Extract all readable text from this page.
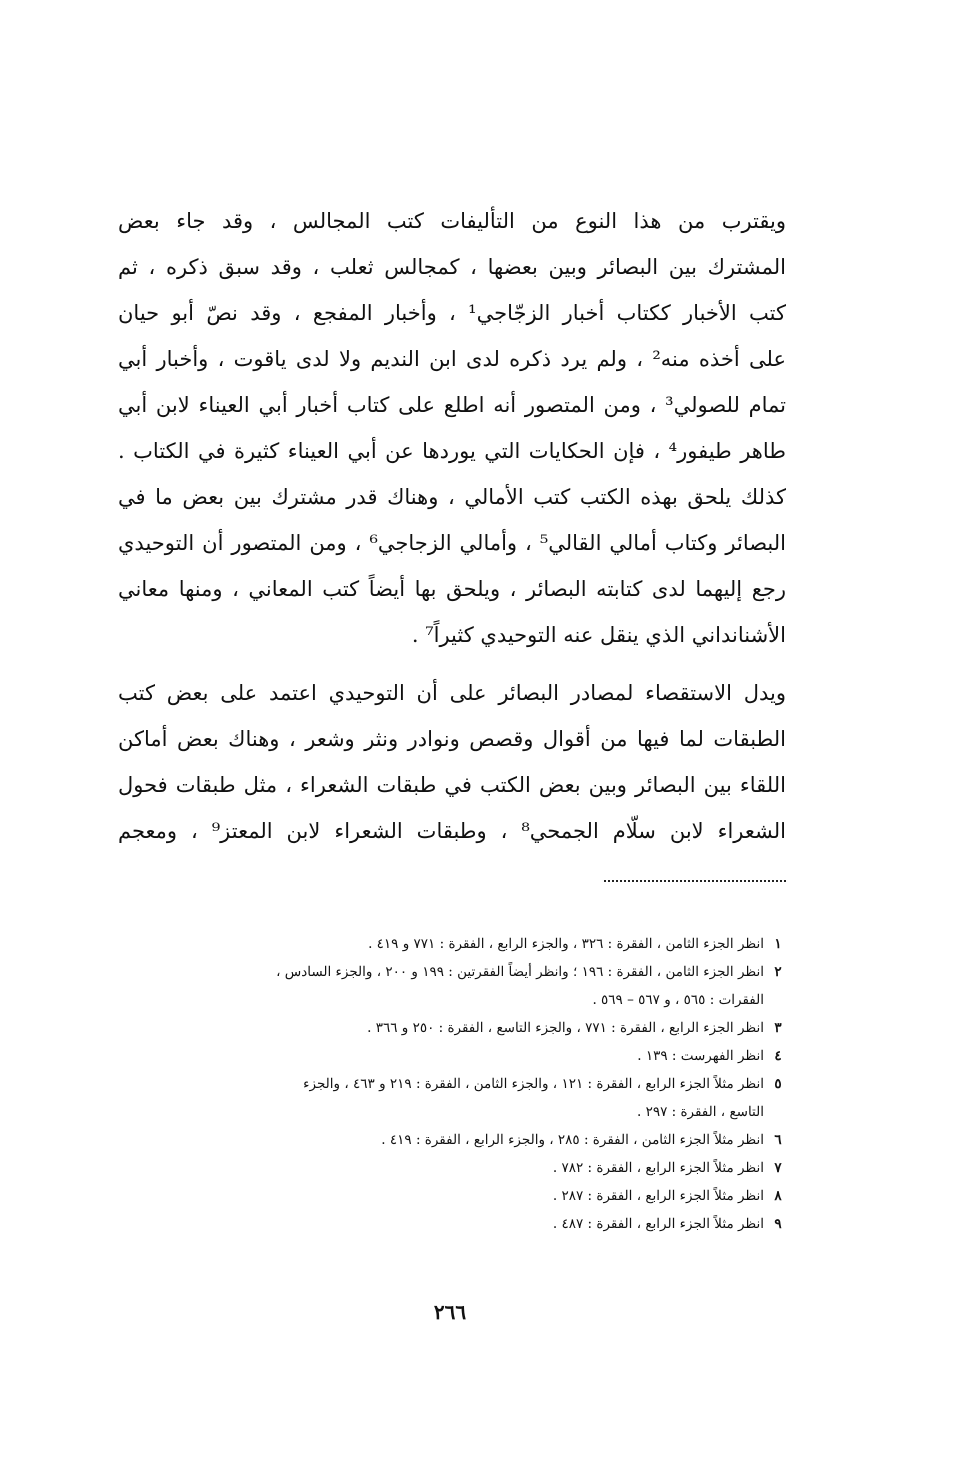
ويقترب من هذا النوع من التأليفات كتب المجالس ، وقد جاء بعض
المشترك بين البصائر وبين بعضها ، كمجالس ثعلب ، وقد سبق ذكره ، ثم
كتب الأخبار ككتاب أخبار الزجّاجي¹ ، وأخبار المفجع ، وقد نصّ أبو حيان
على أخذه منه² ، ولم يرد ذكره لدى ابن النديم ولا لدى ياقوت ، وأخبار أبي
تمام للصولي³ ، ومن المتصور أنه اطلع على كتاب أخبار أبي العيناء لابن أبي
طاهر طيفور⁴ ، فإن الحكايات التي يوردها عن أبي العيناء كثيرة في الكتاب .
كذلك يلحق بهذه الكتب كتب الأمالي ، وهناك قدر مشترك بين بعض ما في
البصائر وكتاب أمالي القالي⁵ ، وأمالي الزجاجي⁶ ، ومن المتصور أن التوحيدي
رجع إليهما لدى كتابته البصائر ، ويلحق بها أيضاً كتب المعاني ، ومنها معاني
الأشنانداني الذي ينقل عنه التوحيدي كثيراً⁷ .
ويدل الاستقصاء لمصادر البصائر على أن التوحيدي اعتمد على بعض كتب
الطبقات لما فيها من أقوال وقصص ونوادر ونثر وشعر ، وهناك بعض أماكن
اللقاء بين البصائر وبين بعض الكتب في طبقات الشعراء ، مثل طبقات فحول
الشعراء لابن سلّام الجمحي⁸ ، وطبقات الشعراء لابن المعتز⁹ ، ومعجم
١
انظر الجزء الثامن ، الفقرة : ٣٢٦ ، والجزء الرابع ، الفقرة : ٧٧١ و ٤١٩ .
٢
انظر الجزء الثامن ، الفقرة : ١٩٦ ؛ وانظر أيضاً الفقرتين : ١٩٩ و ٢٠٠ ، والجزء السادس ،
الفقرات : ٥٦٥ ، و ٥٦٧ – ٥٦٩ .
٣
انظر الجزء الرابع ، الفقرة : ٧٧١ ، والجزء التاسع ، الفقرة : ٢٥٠ و ٣٦٦ .
٤
انظر الفهرست : ١٣٩ .
٥
انظر مثلاً الجزء الرابع ، الفقرة : ١٢١ ، والجزء الثامن ، الفقرة : ٢١٩ و ٤٦٣ ، والجزء
التاسع ، الفقرة : ٢٩٧ .
٦
انظر مثلاً الجزء الثامن ، الفقرة : ٢٨٥ ، والجزء الرابع ، الفقرة : ٤١٩ .
٧
انظر مثلاً الجزء الرابع ، الفقرة : ٧٨٢ .
٨
انظر مثلاً الجزء الرابع ، الفقرة : ٢٨٧ .
٩
انظر مثلاً الجزء الرابع ، الفقرة : ٤٨٧ .
٢٦٦
